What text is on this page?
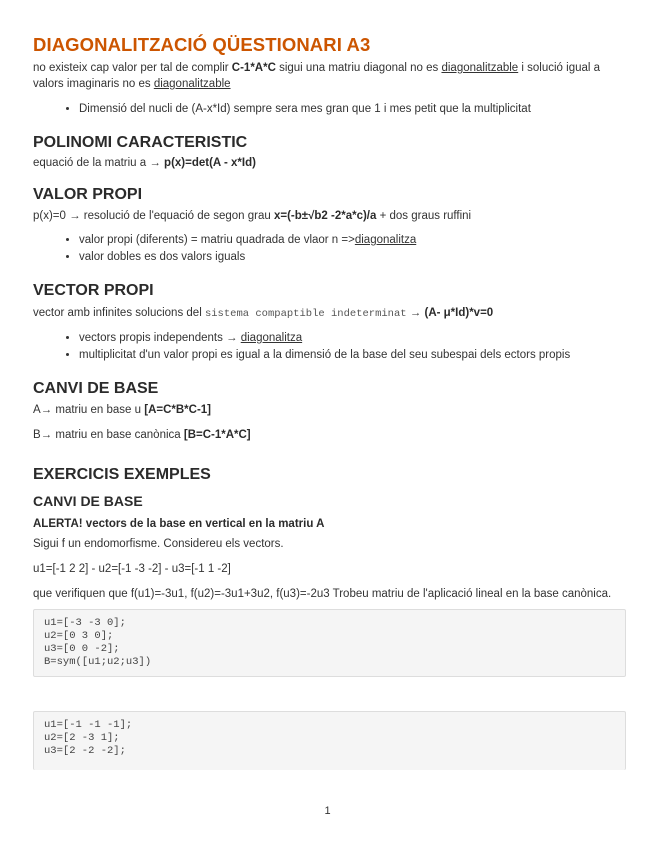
DIAGONALITZACIÓ QÜESTIONARI A3

no existeix cap valor per tal de complir C-1*A*C sigui una matriu diagonal no es diagonalitzable i solució igual a valors imaginaris no es diagonalitzable

• Dimensió del nucli de (A-x*Id) sempre sera mes gran que 1 i mes petit que la multiplicitat
POLINOMI CARACTERISTIC

equació de la matriu a → p(x)=det(A - x*Id)

VALOR PROPI

p(x)=0 → resolució de l'equació de segon grau x=(-b±√b2 -2*a*c)/a + dos graus ruffini

• valor propi (diferents) = matriu quadrada de vlaor n =>diagonalitza
• valor dobles es dos valors iguals
VECTOR PROPI

vector amb infinites solucions del sistema compaptible indeterminat → (A- μ*Id)*v=0

• vectors propis independents → diagonalitza
• multiplicitat d'un valor propi es igual a la dimensió de la base del seu subespai dels ectors propis
CANVI DE BASE

A→ matriu en base u [A=C*B*C-1]

B→ matriu en base canònica [B=C-1*A*C]

EXERCICIS EXEMPLES
CANVI DE BASE

ALERTA! vectors de la base en vertical en la matriu A

Sigui f un endomorfisme. Considereu els vectors.

u1=[-1 2 2] - u2=[-1 -3 -2] - u3=[-1 1 -2]

que verifiquen que f(u1)=-3u1, f(u2)=-3u1+3u2, f(u3)=-2u3 Trobeu matriu de l'aplicació lineal en la base canònica.

u1=[-3 -3 0];
u2=[0 3 0];
u3=[0 0 -2];
B=sym([u1;u2;u3])
u1=[-1 -1 -1];
u2=[2 -3 1];
u3=[2 -2 -2];
1
